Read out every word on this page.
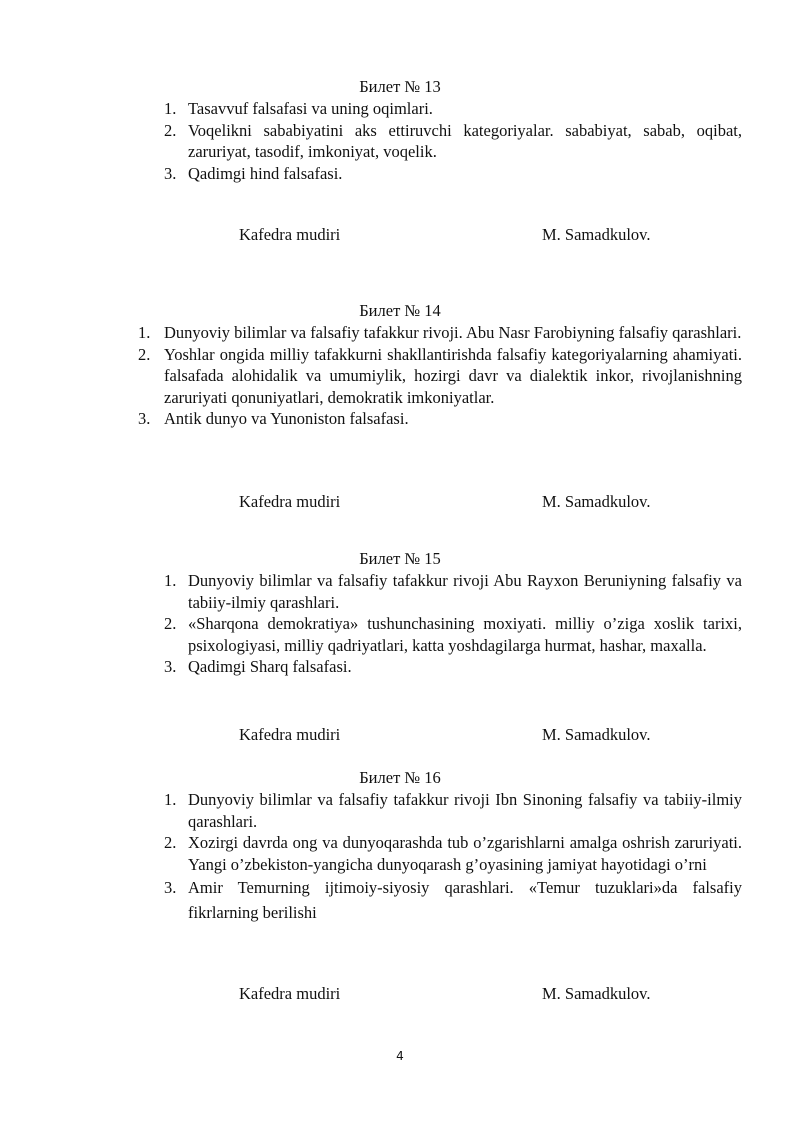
Билет № 13
1. Tasavvuf falsafasi va uning oqimlari.
2. Voqelikni sababiyatini aks ettiruvchi kategoriyalar. sababiyat, sabab, oqibat, zaruriyat, tasodif, imkoniyat, voqelik.
3. Qadimgi hind falsafasi.
Kafedra mudiri	M. Samadkulov.
Билет № 14
1. Dunyoviy bilimlar va falsafiy tafakkur rivoji. Abu Nasr Farobiyning falsafiy qarashlari.
2. Yoshlar ongida milliy tafakkurni shakllantirishda falsafiy kategoriyalarning ahamiyati. falsafada alohidalik va umumiylik, hozirgi davr va dialektik inkor, rivojlanishning zaruriyati qonuniyatlari, demokratik imkoniyatlar.
3. Antik dunyo va Yunoniston falsafasi.
Kafedra mudiri	M. Samadkulov.
Билет № 15
1. Dunyoviy bilimlar va falsafiy tafakkur rivoji Abu Rayxon Beruniyning falsafiy va tabiiy-ilmiy qarashlari.
2. «Sharqona demokratiya» tushunchasining moxiyati. milliy o’ziga xoslik tarixi, psixologiyasi, milliy qadriyatlari, katta yoshdagilarga hurmat, hashar, maxalla.
3. Qadimgi Sharq falsafasi.
Kafedra mudiri	M. Samadkulov.
Билет № 16
1. Dunyoviy bilimlar va falsafiy tafakkur rivoji Ibn Sinoning falsafiy va tabiiy-ilmiy qarashlari.
2. Xozirgi davrda ong va dunyoqarashda tub o’zgarishlarni amalga oshrish zaruriyati. Yangi o’zbekiston-yangicha dunyoqarash g’oyasining jamiyat hayotidagi o’rni
3. Amir Temurning ijtimoiy-siyosiy qarashlari. «Temur tuzuklari»da falsafiy fikrlarning berilishi
Kafedra mudiri	M. Samadkulov.
4
